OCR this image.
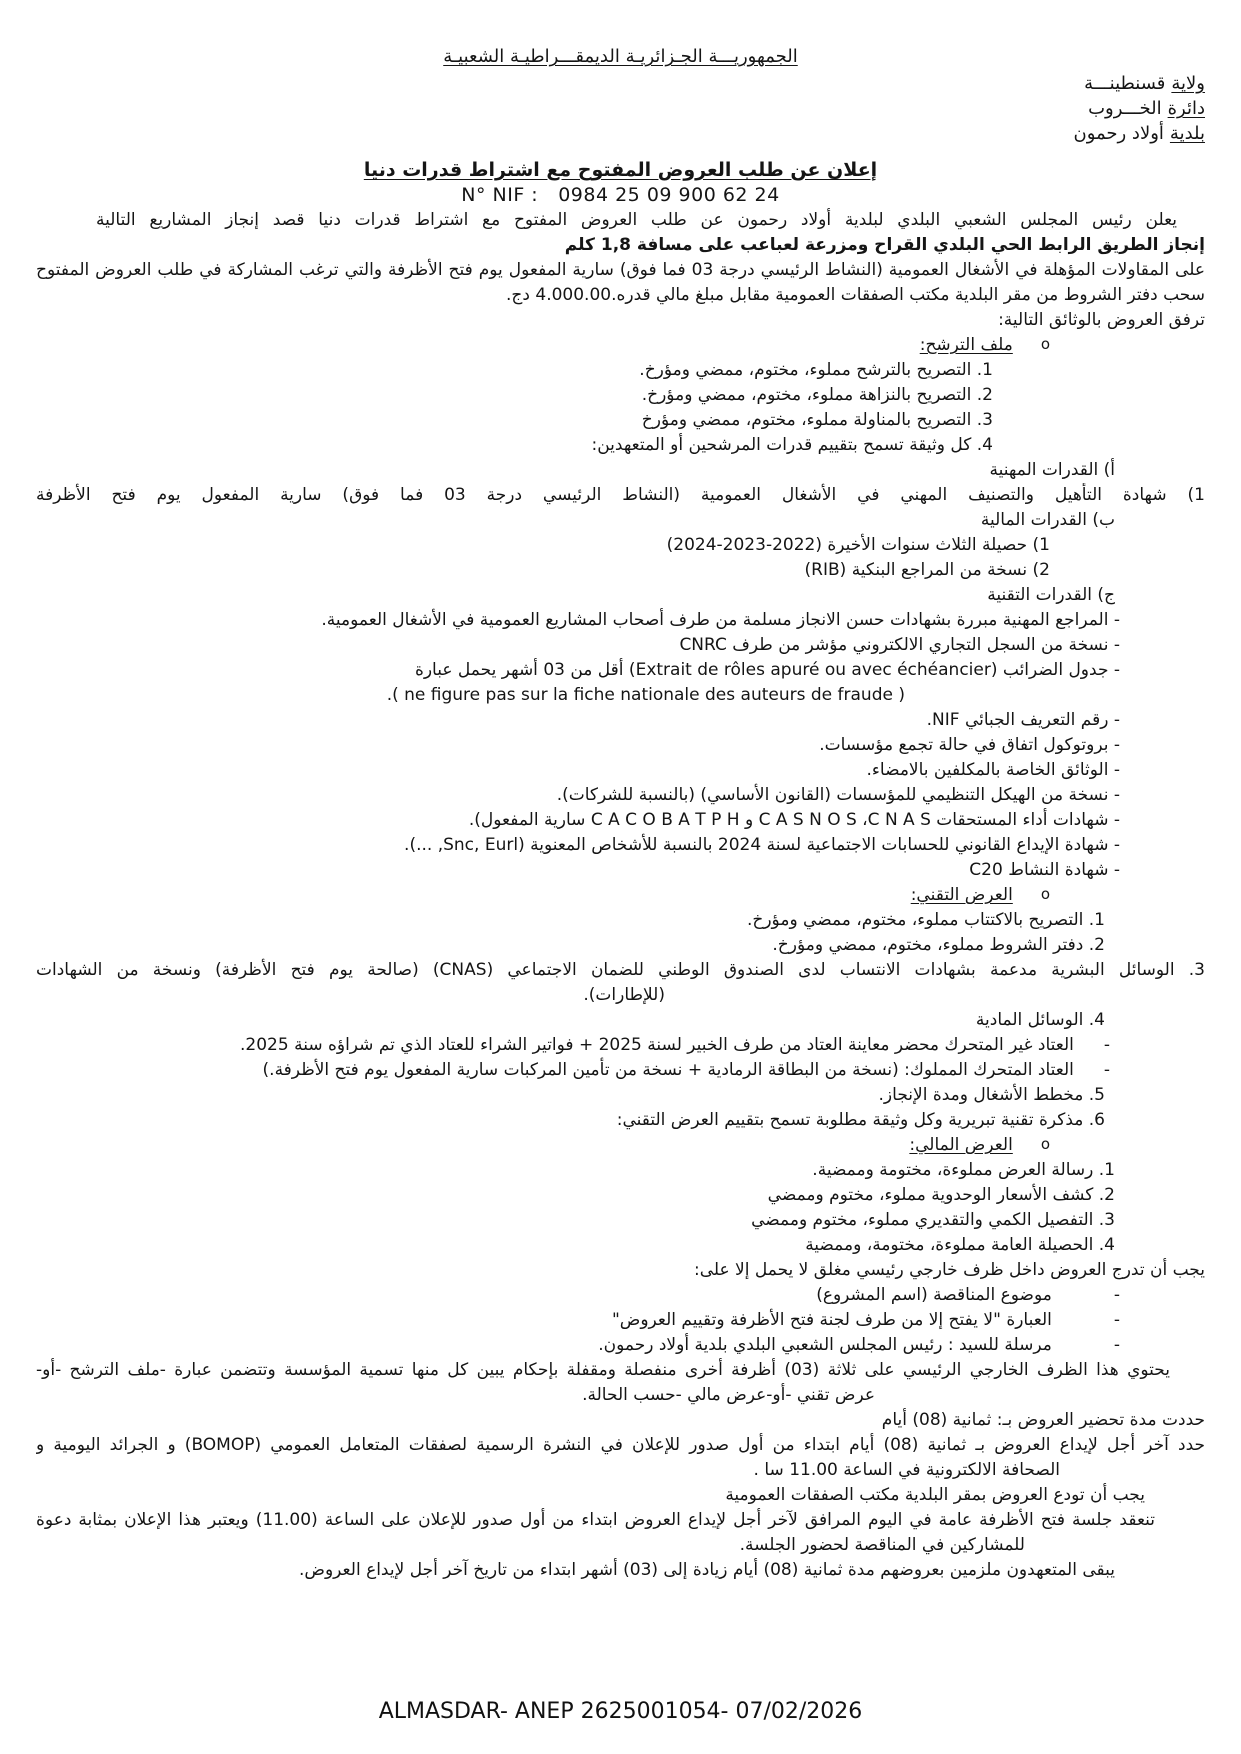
الجمهوريـــة الجـزائريـة الديمقـــراطيـة الشعبيـة
ولايةقسنطينـــة
دائرةالخـــروب
بلديةأولاد رحمون
إعلان عن طلب العروض المفتوح مع اشتراط قدرات دنيا
N° NIF : 0984 25 09 900 62 24
يعلن رئيس المجلس الشعبي البلدي لبلدية أولاد رحمون عن طلب العروض المفتوح مع اشتراط قدرات دنيا قصد إنجاز المشاريع التالية
إنجاز الطريق الرابط الحي البلدي القراح ومزرعة لعباعب على مسافة 1,8 كلم
على المقاولات المؤهلة في الأشغال العمومية (النشاط الرئيسي درجة 03 فما فوق) سارية المفعول يوم فتح الأظرفة والتي ترغب المشاركة في طلب العروض المفتوح
سحب دفتر الشروط من مقر البلدية مكتب الصفقات العمومية مقابل مبلغ مالي قدره.4.000.00 دج.
ترفق العروض بالوثائق التالية:
oملف الترشح:
1. التصريح بالترشح مملوء، مختوم، ممضي ومؤرخ.
2. التصريح بالنزاهة مملوء، مختوم، ممضي ومؤرخ.
3. التصريح بالمناولة مملوء، مختوم، ممضي ومؤرخ
4. كل وثيقة تسمح بتقييم قدرات المرشحين أو المتعهدين:
أ) القدرات المهنية
1) شهادة التأهيل والتصنيف المهني في الأشغال العمومية (النشاط الرئيسي درجة 03 فما فوق) سارية المفعول يوم فتح الأظرفة
ب) القدرات المالية
1) حصيلة الثلاث سنوات الأخيرة (2022-2023-2024)
2) نسخة من المراجع البنكية (RIB)
ج) القدرات التقنية
- المراجع المهنية مبررة بشهادات حسن الانجاز مسلمة من طرف أصحاب المشاريع العمومية في الأشغال العمومية.
- نسخة من السجل التجاري الالكتروني مؤشر من طرف CNRC
- جدول الضرائب (Extrait de rôles apuré ou avec échéancier) أقل من 03 أشهر يحمل عبارة
( ne figure pas sur la fiche nationale des auteurs de fraude ).
- رقم التعريف الجبائي NIF.
- بروتوكول اتفاق في حالة تجمع مؤسسات.
- الوثائق الخاصة بالمكلفين بالامضاء.
- نسخة من الهيكل التنظيمي للمؤسسات (القانون الأساسي) (بالنسبة للشركات).
- شهادات أداء المستحقات C A S N O S ،C N A S و C A C O B A T P H سارية المفعول).
- شهادة الإيداع القانوني للحسابات الاجتماعية لسنة 2024 بالنسبة للأشخاص المعنوية (Snc, Eurl, ...).
- شهادة النشاط C20
oالعرض التقني:
1. التصريح بالاكتتاب مملوء، مختوم، ممضي ومؤرخ.
2. دفتر الشروط مملوء، مختوم، ممضي ومؤرخ.
3. الوسائل البشرية مدعمة بشهادات الانتساب لدى الصندوق الوطني للضمان الاجتماعي (CNAS) (صالحة يوم فتح الأظرفة) ونسخة من الشهادات
(للإطارات).
4. الوسائل المادية
-العتاد غير المتحرك محضر معاينة العتاد من طرف الخبير لسنة 2025 + فواتير الشراء للعتاد الذي تم شراؤه سنة 2025.
-العتاد المتحرك المملوك: (نسخة من البطاقة الرمادية + نسخة من تأمين المركبات سارية المفعول يوم فتح الأظرفة.)
5. مخطط الأشغال ومدة الإنجاز.
6. مذكرة تقنية تبريرية وكل وثيقة مطلوبة تسمح بتقييم العرض التقني:
oالعرض المالي:
1. رسالة العرض مملوءة، مختومة وممضية.
2. كشف الأسعار الوحدوية مملوء، مختوم وممضي
3. التفصيل الكمي والتقديري مملوء، مختوم وممضي
4. الحصيلة العامة مملوءة، مختومة، وممضية
يجب أن تدرج العروض داخل ظرف خارجي رئيسي مغلق لا يحمل إلا على:
-موضوع المناقصة (اسم المشروع)
-العبارة "لا يفتح إلا من طرف لجنة فتح الأظرفة وتقييم العروض"
-مرسلة للسيد : رئيس المجلس الشعبي البلدي بلدية أولاد رحمون.
يحتوي هذا الظرف الخارجي الرئيسي على ثلاثة (03) أظرفة أخرى منفصلة ومقفلة بإحكام يبين كل منها تسمية المؤسسة وتتضمن عبارة -ملف الترشح -أو-
عرض تقني -أو-عرض مالي -حسب الحالة.
حددت مدة تحضير العروض بـ: ثمانية (08) أيام
حدد آخر أجل لإيداع العروض بـ ثمانية (08) أيام ابتداء من أول صدور للإعلان في النشرة الرسمية لصفقات المتعامل العمومي (BOMOP) و الجرائد اليومية و
الصحافة الالكترونية في الساعة 11.00 سا .
يجب أن تودع العروض بمقر البلدية مكتب الصفقات العمومية
تنعقد جلسة فتح الأظرفة عامة في اليوم المرافق لآخر أجل لإيداع العروض ابتداء من أول صدور للإعلان على الساعة (11.00) ويعتبر هذا الإعلان بمثابة دعوة
للمشاركين في المناقصة لحضور الجلسة.
يبقى المتعهدون ملزمين بعروضهم مدة ثمانية (08) أيام زيادة إلى (03) أشهر ابتداء من تاريخ آخر أجل لإيداع العروض.
ALMASDAR- ANEP 2625001054- 07/02/2026
